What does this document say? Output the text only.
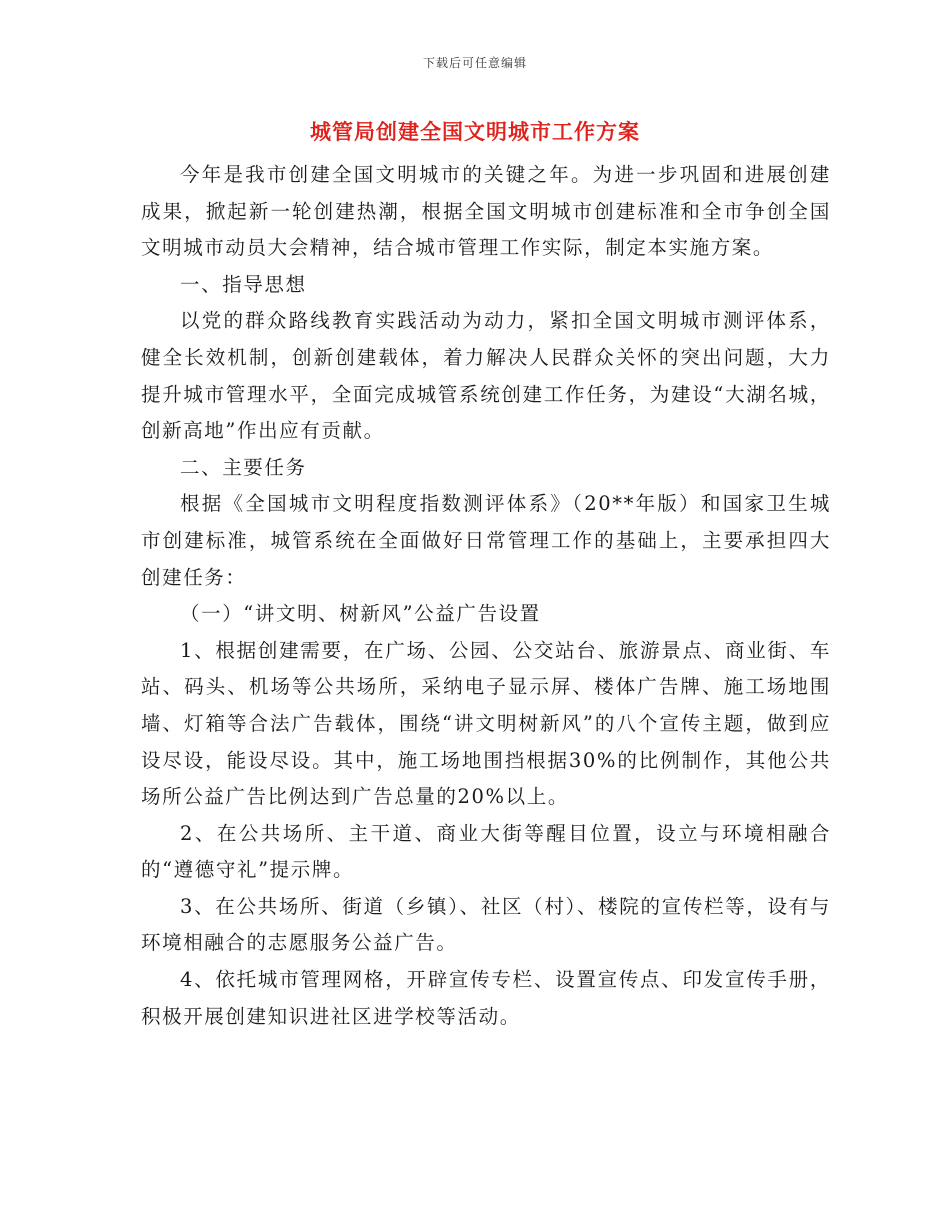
下载后可任意编辑
城管局创建全国文明城市工作方案

今年是我市创建全国文明城市的关键之年。为进一步巩固和进展创建成果，掀起新一轮创建热潮，根据全国文明城市创建标准和全市争创全国文明城市动员大会精神，结合城市管理工作实际，制定本实施方案。

一、指导思想

以党的群众路线教育实践活动为动力，紧扣全国文明城市测评体系，健全长效机制，创新创建载体，着力解决人民群众关怀的突出问题，大力提升城市管理水平，全面完成城管系统创建工作任务，为建设“大湖名城，创新高地”作出应有贡献。

二、主要任务

根据《全国城市文明程度指数测评体系》（20**年版）和国家卫生城市创建标准，城管系统在全面做好日常管理工作的基础上，主要承担四大创建任务：

（一）“讲文明、树新风”公益广告设置

1、根据创建需要，在广场、公园、公交站台、旅游景点、商业街、车站、码头、机场等公共场所，采纳电子显示屏、楼体广告牌、施工场地围墙、灯箱等合法广告载体，围绕“讲文明树新风”的八个宣传主题，做到应设尽设，能设尽设。其中，施工场地围挡根据30%的比例制作，其他公共场所公益广告比例达到广告总量的20%以上。

2、在公共场所、主干道、商业大街等醒目位置，设立与环境相融合的“遵德守礼”提示牌。

3、在公共场所、街道（乡镇）、社区（村）、楼院的宣传栏等，设有与环境相融合的志愿服务公益广告。

4、依托城市管理网格，开辟宣传专栏、设置宣传点、印发宣传手册，积极开展创建知识进社区进学校等活动。
